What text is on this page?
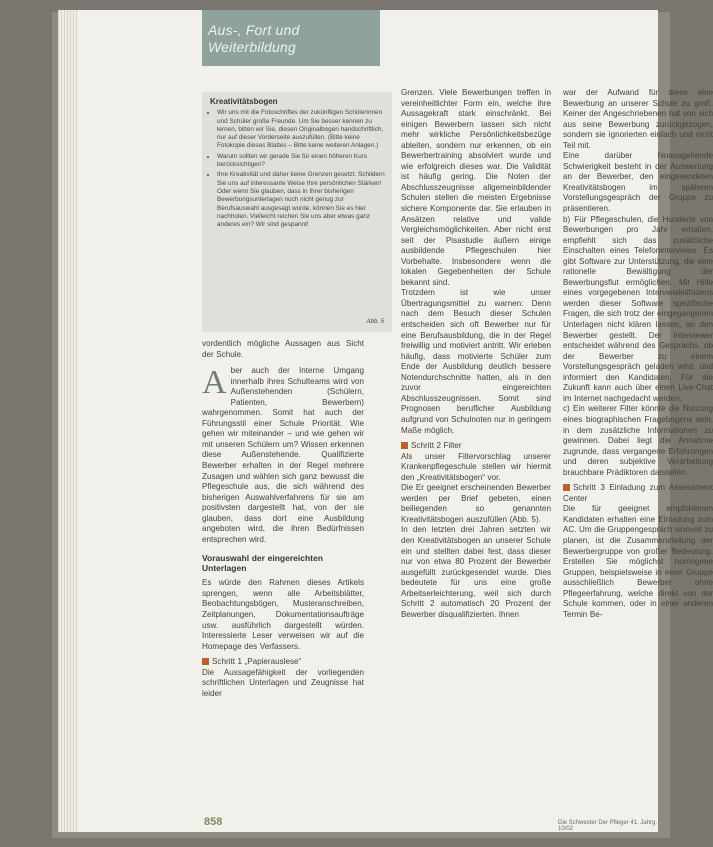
Aus-, Fort und
Weiterbildung
Kreativitätsbogen
• Wir uns mit die Fotoschriftes der zukünftigen Schülerinnen und Schüler große Freunde. Um Sie besser kennen zu lernen, bitten wir Sie, diesen Originalbogen handschriftlich, nur auf dieser Vorderseite auszufüllen. (Bitte keine Fotokopie dieses Blattes – Bitte keine weiteren Anlagen.)
• Warum sollten wir gerade Sie für einen höheren Kurs berücksichtigen?
• Ihre Kreativität und daher keine Grenzen gesetzt. Schildern Sie uns auf interessante Weise Ihre persönlichen Stärken! Oder wenn Sie glauben, dass in Ihrer bisherigen Bewerbungsunterlagen noch nicht genug zur Berufsauswahl ausgesagt wurde, können Sie es hier nachholen. Vielleicht reichen Sie uns aber etwas ganz anderes ein? Wir sind gespannt!
Abb. 5

vordentlich mögliche Aussagen aus Sicht der Schule.

A ber auch der Interne Umgang innerhalb ihres Schulteams wird von Außenstehenden (Schülern, Patienten, Bewerbern) wahrgenommen. Somit hat auch der Führungsstil einer Schule Priorität. Wie gehen wir miteinander – und wie gehen wir mit unseren Schülern um? Wissen erkennen diese Außenstehende. Qualifizierte Bewerber erhalten in der Regel mehrere Zusagen und wählen sich ganz bewusst die Pflegeschule aus, die sich während des bisherigen Auswahlverfahrens für sie am positivsten dargestellt hat, von der sie glauben, dass dort eine Ausbildung angeboten wird, die ihren Bedürfnissen entsprechen wird.

Vorauswahl der eingereichten Unterlagen

Es würde den Rahmen dieses Artikels sprengen, wenn alle Arbeitsblätter, Beobachtungsbögen, Musteranschreiben, Zeitplanungen, Dokumentationsaufträge usw. ausführlich dargestellt würden. Interessierte Leser verweisen wir auf die Homepage des Verfassers.

Schritt 1 „Papierauslese“

Die Aussagefähigkeit der vorliegenden schriftlichen Unterlagen und Zeugnisse hat leider

Grenzen. Viele Bewerbungen treffen in vereinheitlichter Form ein, welche ihre Aussagekraft stark einschränkt. Bei einigen Bewerbern lassen sich nicht mehr wirkliche Persönlichkeitsbezüge ableiten, sondern nur erkennen, ob ein Bewerbertraining absolviert wurde und wie erfolgreich dieses war. Die Validität ist häufig gering. Die Noten der Abschlusszeugnisse allgemeinbildender Schulen stellen die meisten Ergebnisse sichere Komponente dar. Sie erlauben in Ansätzen relative und valide Vergleichsmöglichkeiten. Aber nicht erst seit der Pisastudie äußern einige ausbildende Pflegeschulen hier Vorbehalte. Insbesondere wenn die lokalen Gegebenheiten der Schule bekannt sind.

Trotzdem ist wie unser Übertragungsmittel zu warnen: Denn nach dem Besuch dieser Schulen entscheiden sich oft Bewerber nur für eine Berufsausbildung, die in der Regel freiwillig und motiviert antritt. Wir erleben häufig, dass motivierte Schüler zum Ende der Ausbildung deutlich bessere Notendurchschnitte hatten, als in den zuvor eingereichten Abschlusszeugnissen. Somit sind Prognosen beruflicher Ausbildung aufgrund von Schulnoten nur in geringem Maße möglich.

Schritt 2 Filter

Als unser Filtervorschlag unserer Krankenpflegeschule stellen wir hiermit den „Kreativitätsbogen“ vor.

Die Er geeignet erscheinenden Bewerber werden per Brief gebeten, einen beiliegenden so genannten Kreativitätsbogen auszufüllen (Abb. 5).

In den letzten drei Jahren setzten wir den Kreativitätsbogen an unserer Schule ein und stellten dabei fest, dass dieser nur von etwa 80 Prozent der Bewerber ausgefüllt zurückgesendet wurde. Dies bedeutete für uns eine große Arbeitserleichterung, weil sich durch Schritt 2 automatisch 20 Prozent der Bewerber disqualifizierten. Ihnen

war der Aufwand für diese eine Bewerbung an unserer Schule zu groß. Keiner der Angeschriebenen hat von sich aus seine Bewerbung zurückgezogen, sondern sie ignorierten einfach und nicht Teil mit.

Eine darüber hinausgehende Schwierigkeit besteht in der Auswertung an der Bewerber, den eingesendeten Kreativitätsbogen im späteren Vorstellungsgespräch der Gruppe zu präsentieren.

b) Für Pflegeschulen, die Hunderte von Bewerbungen pro Jahr erhalten, empfiehlt sich das zusätzliche Einschalten eines Telefoninterviews. Es gibt Software zur Unterstützung, die eine rationelle Bewältigung der Bewerbungsflut ermöglichen. Mit Hilfe eines vorgegebenen Interviewleitfadens werden dieser Software spezifische Fragen, die sich trotz der eingegangenen Unterlagen nicht klären lassen, an den Bewerber gestellt. Der Interviewer entscheidet während des Gesprächs, ob der Bewerber zu einem Vorstellungsgespräch geladen wird, und informiert den Kandidaten. Für die Zukunft kann auch über einen Live-Chat im Internet nachgedacht werden.

c) Ein weiterer Filter könnte die Nutzung eines biographischen Fragebogens sein, in dem zusätzliche Informationen zu gewinnen. Dabei liegt die Annahme zugrunde, dass vergangene Erfahrungen und deren subjektive Verarbeitung brauchbare Prädiktoren darstellen.

Schritt 3 Einladung zum Assessment Center

Die für geeignet empfohlenen Kandidaten erhalten eine Einladung zum AC. Um die Gruppengespräch sinnvoll zu planen, ist die Zusammenstellung der Bewerbergruppe von großer Bedeutung. Erstellen Sie möglichst homogene Gruppen, beispielsweise in einer Gruppe ausschließlich Bewerber ohne Pflegeerfahrung, welche direkt von der Schule kommen, oder in einer anderen Termin Be-

858	Die Schwester Der Pfleger 41. Jahrg. 10/02
